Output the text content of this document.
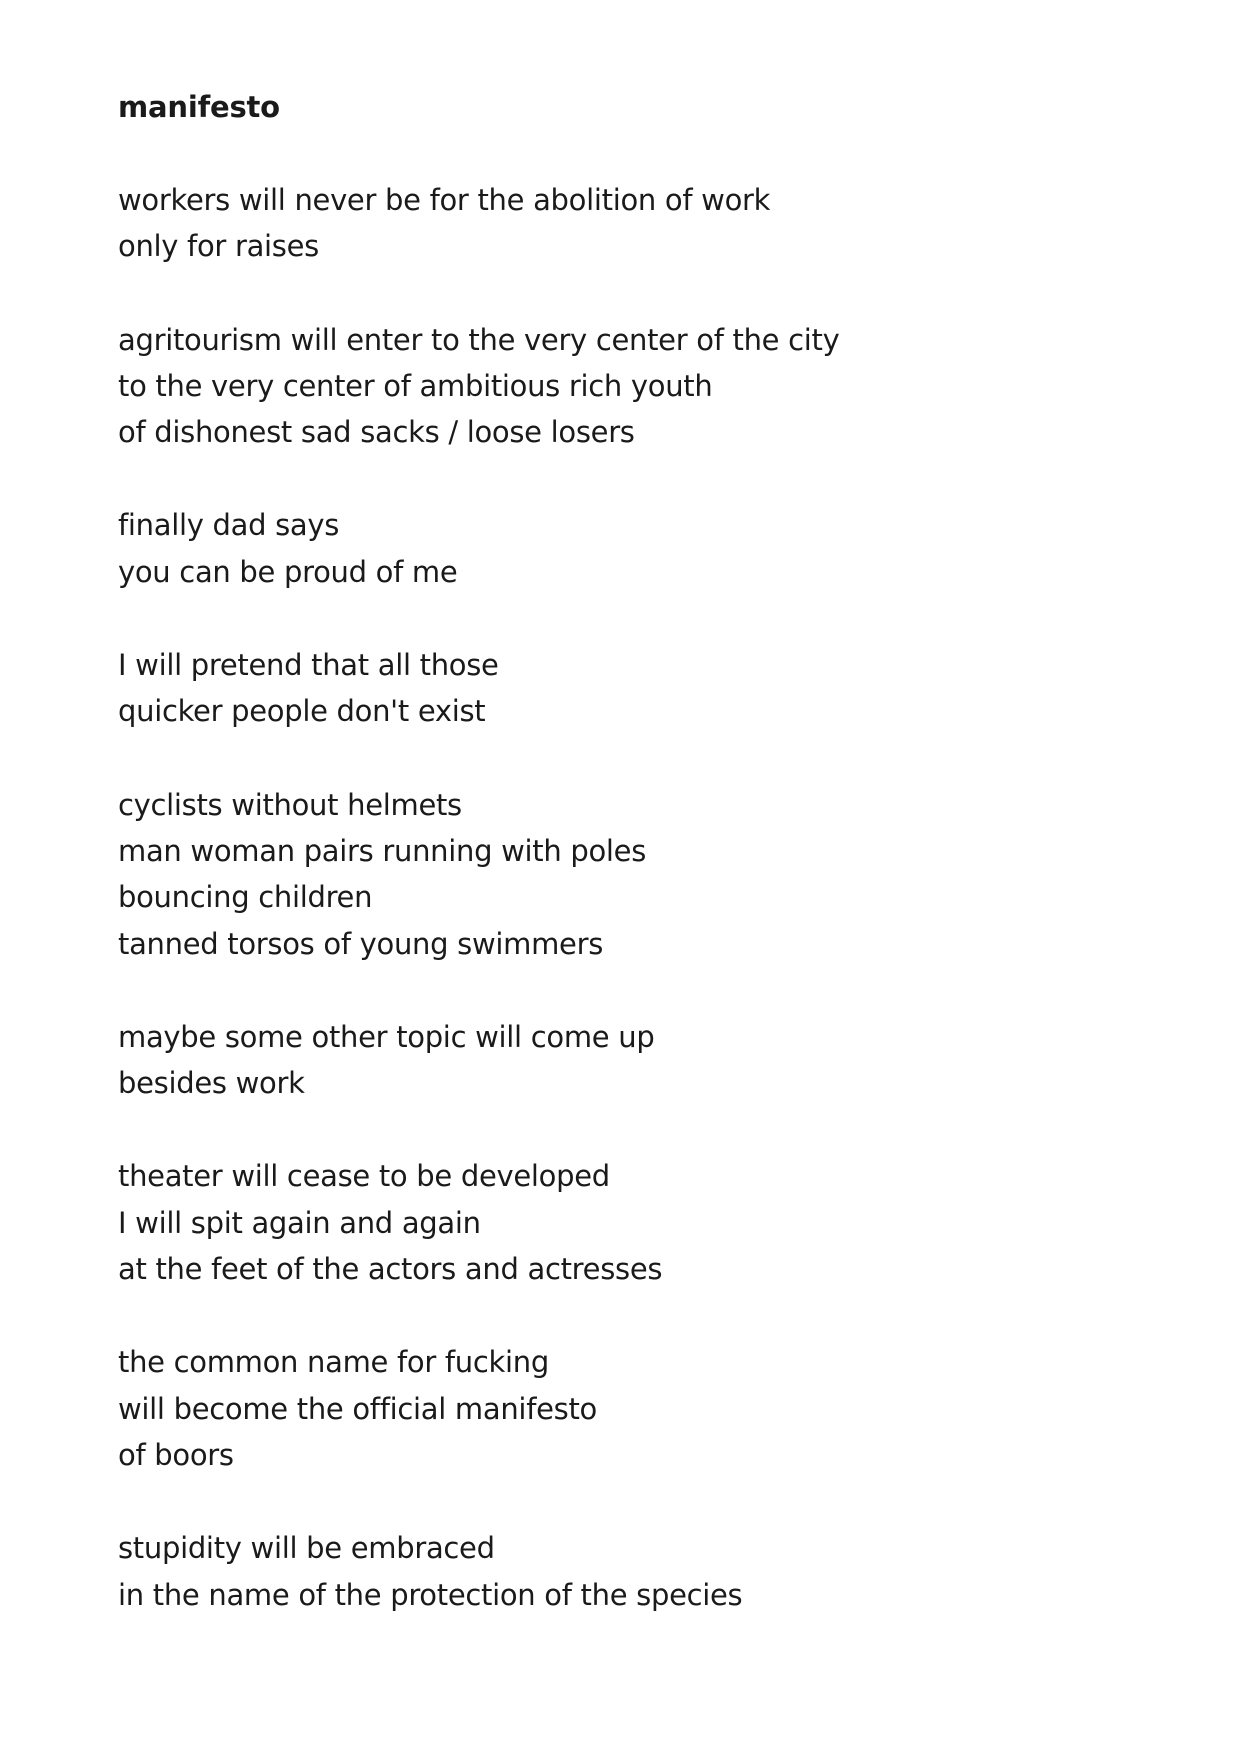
manifesto
workers will never be for the abolition of work
only for raises
agritourism will enter to the very center of the city
to the very center of ambitious rich youth
of dishonest sad sacks / loose losers
finally dad says
you can be proud of me
I will pretend that all those
quicker people don't exist
cyclists without helmets
man woman pairs running with poles
bouncing children
tanned torsos of young swimmers
maybe some other topic will come up
besides work
theater will cease to be developed
I will spit again and again
at the feet of the actors and actresses
the common name for fucking
will become the official manifesto
of boors
stupidity will be embraced
in the name of the protection of the species
